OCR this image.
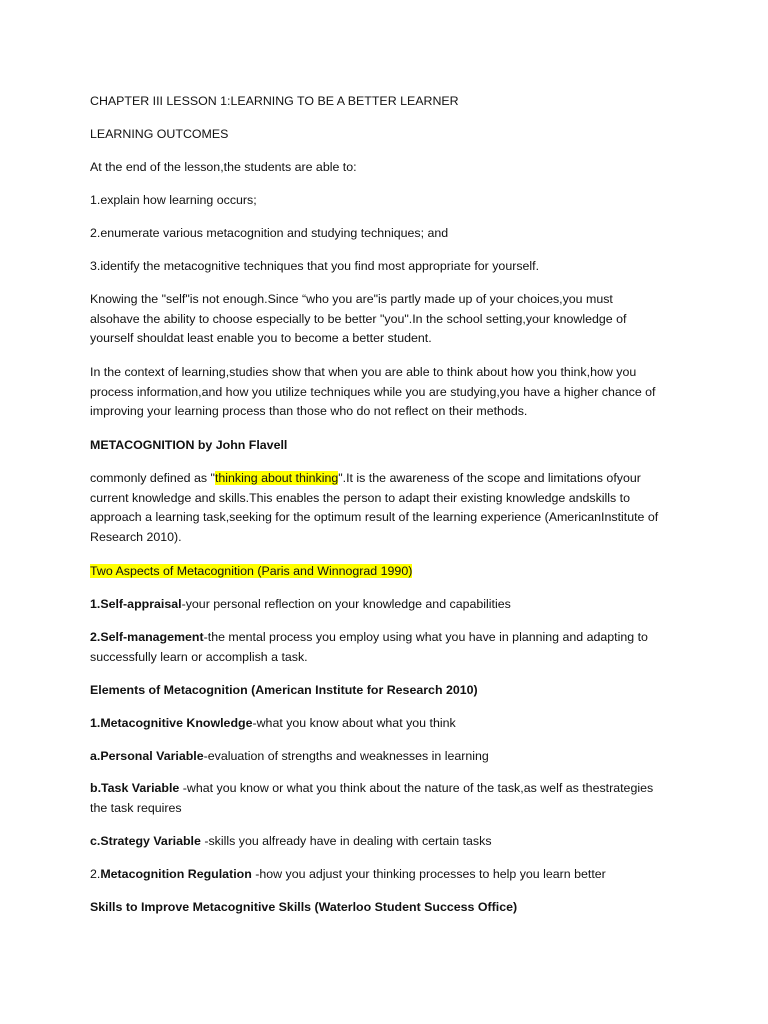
CHAPTER III LESSON 1:LEARNING TO BE A BETTER LEARNER

LEARNING OUTCOMES

At the end of the lesson,the students are able to:

1.explain how learning occurs;

2.enumerate various metacognition and studying techniques; and

3.identify the metacognitive techniques that you find most appropriate for yourself.

Knowing the "self"is not enough.Since “who you are"is partly made up of your choices,you must

alsohave the ability to choose especially to be better "you".In the school setting,your knowledge of

yourself shouldat least enable you to become a better student.

In the context of learning,studies show that when you are able to think about how you think,how you

process information,and how you utilize techniques while you are studying,you have a higher chance of

improving your learning process than those who do not reflect on their methods.

METACOGNITION by John Flavell

commonly defined as "thinking about thinking".It is the awareness of the scope and limitations ofyour

current knowledge and skills.This enables the person to adapt their existing knowledge andskills to

approach a learning task,seeking for the optimum result of the learning experience (AmericanInstitute of

Research 2010).

Two Aspects of Metacognition (Paris and Winnograd 1990)

1.Self-appraisal-your personal reflection on your knowledge and capabilities

2.Self-management-the mental process you employ using what you have in planning and adapting to

successfully learn or accomplish a task.

Elements of Metacognition (American Institute for Research 2010)

1.Metacognitive Knowledge-what you know about what you think

a.Personal Variable-evaluation of strengths and weaknesses in learning

b.Task Variable -what you know or what you think about the nature of the task,as welf as thestrategies

the task requires

c.Strategy Variable -skills you alfready have in dealing with certain tasks

2.Metacognition Regulation -how you adjust your thinking processes to help you learn better

Skills to Improve Metacognitive Skills (Waterloo Student Success Office)
